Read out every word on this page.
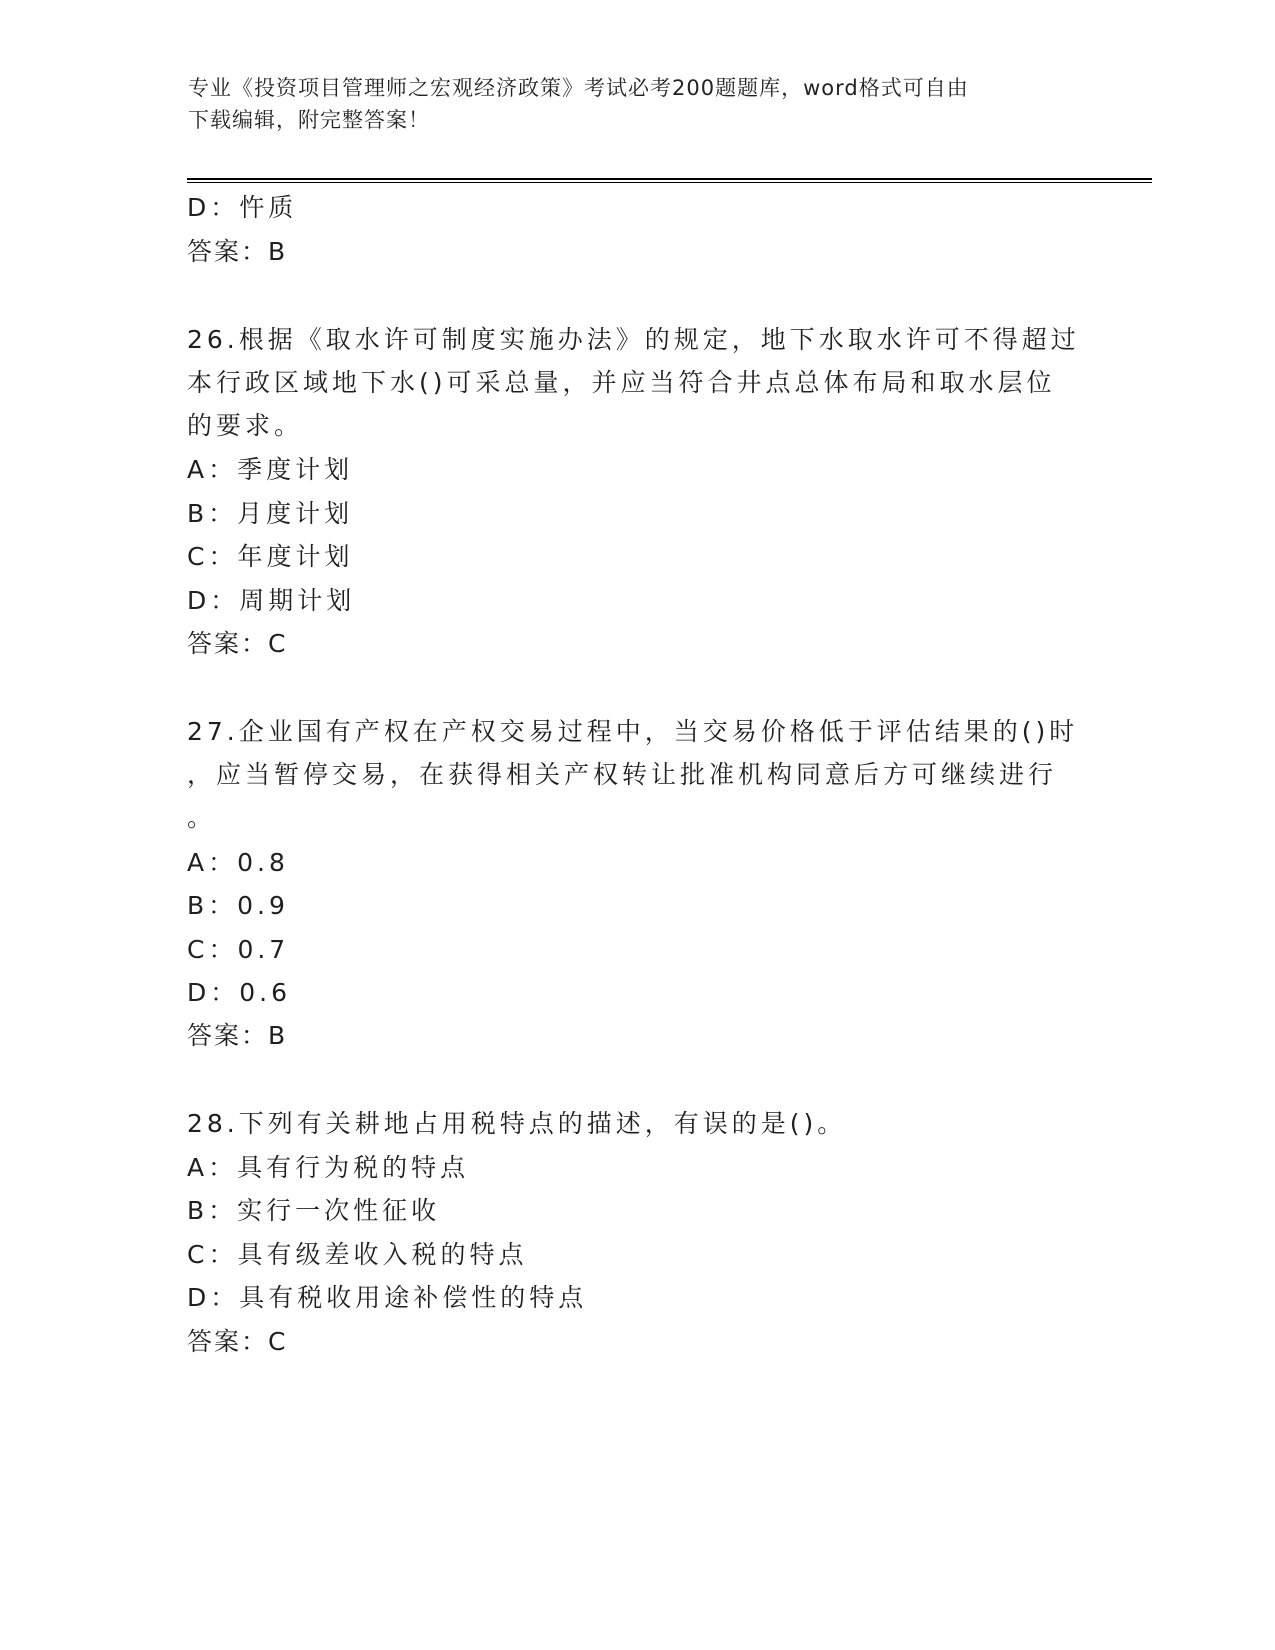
专业《投资项目管理师之宏观经济政策》考试必考200题题库，word格式可自由
下载编辑，附完整答案！
D：忤质
答案：B
26.根据《取水许可制度实施办法》的规定，地下水取水许可不得超过
本行政区域地下水()可采总量，并应当符合井点总体布局和取水层位
的要求。
A：季度计划
B：月度计划
C：年度计划
D：周期计划
答案：C
27.企业国有产权在产权交易过程中，当交易价格低于评估结果的()时
，应当暂停交易，在获得相关产权转让批准机构同意后方可继续进行
。
A：0.8
B：0.9
C：0.7
D：0.6
答案：B
28.下列有关耕地占用税特点的描述，有误的是()。
A：具有行为税的特点
B：实行一次性征收
C：具有级差收入税的特点
D：具有税收用途补偿性的特点
答案：C
